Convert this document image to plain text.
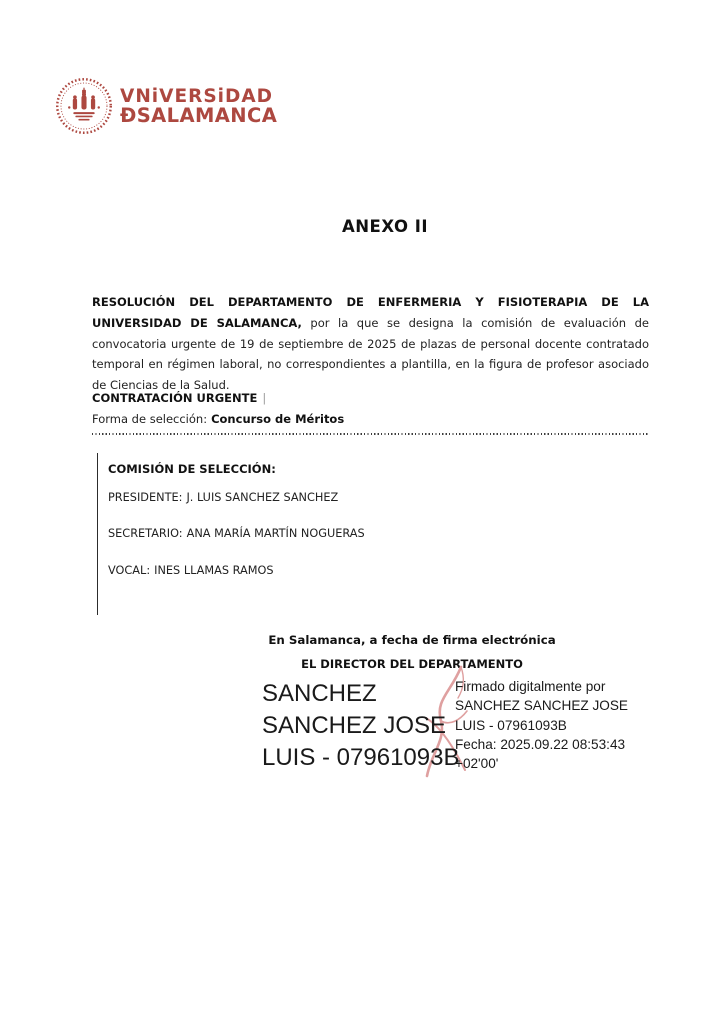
VNiVERSiDAD
ÐSALAMANCA
ANEXO II

RESOLUCIÓN DEL DEPARTAMENTO DE ENFERMERIA Y FISIOTERAPIA DE LA UNIVERSIDAD DE SALAMANCA, por la que se designa la comisión de evaluación de convocatoria urgente de 19 de septiembre de 2025 de plazas de personal docente contratado temporal en régimen laboral, no correspondientes a plantilla, en la figura de profesor asociado de Ciencias de la Salud.

CONTRATACIÓN URGENTE |
Forma de selección: Concurso de Méritos
COMISIÓN DE SELECCIÓN:
PRESIDENTE: J. LUIS SANCHEZ SANCHEZ
SECRETARIO: ANA MARÍA MARTÍN NOGUERAS
VOCAL: INES LLAMAS RAMOS
En Salamanca, a fecha de firma electrónica
EL DIRECTOR DEL DEPARTAMENTO
SANCHEZ
SANCHEZ JOSE
LUIS - 07961093B
Firmado digitalmente por
SANCHEZ SANCHEZ JOSE
LUIS - 07961093B
Fecha: 2025.09.22 08:53:43
+02'00'
